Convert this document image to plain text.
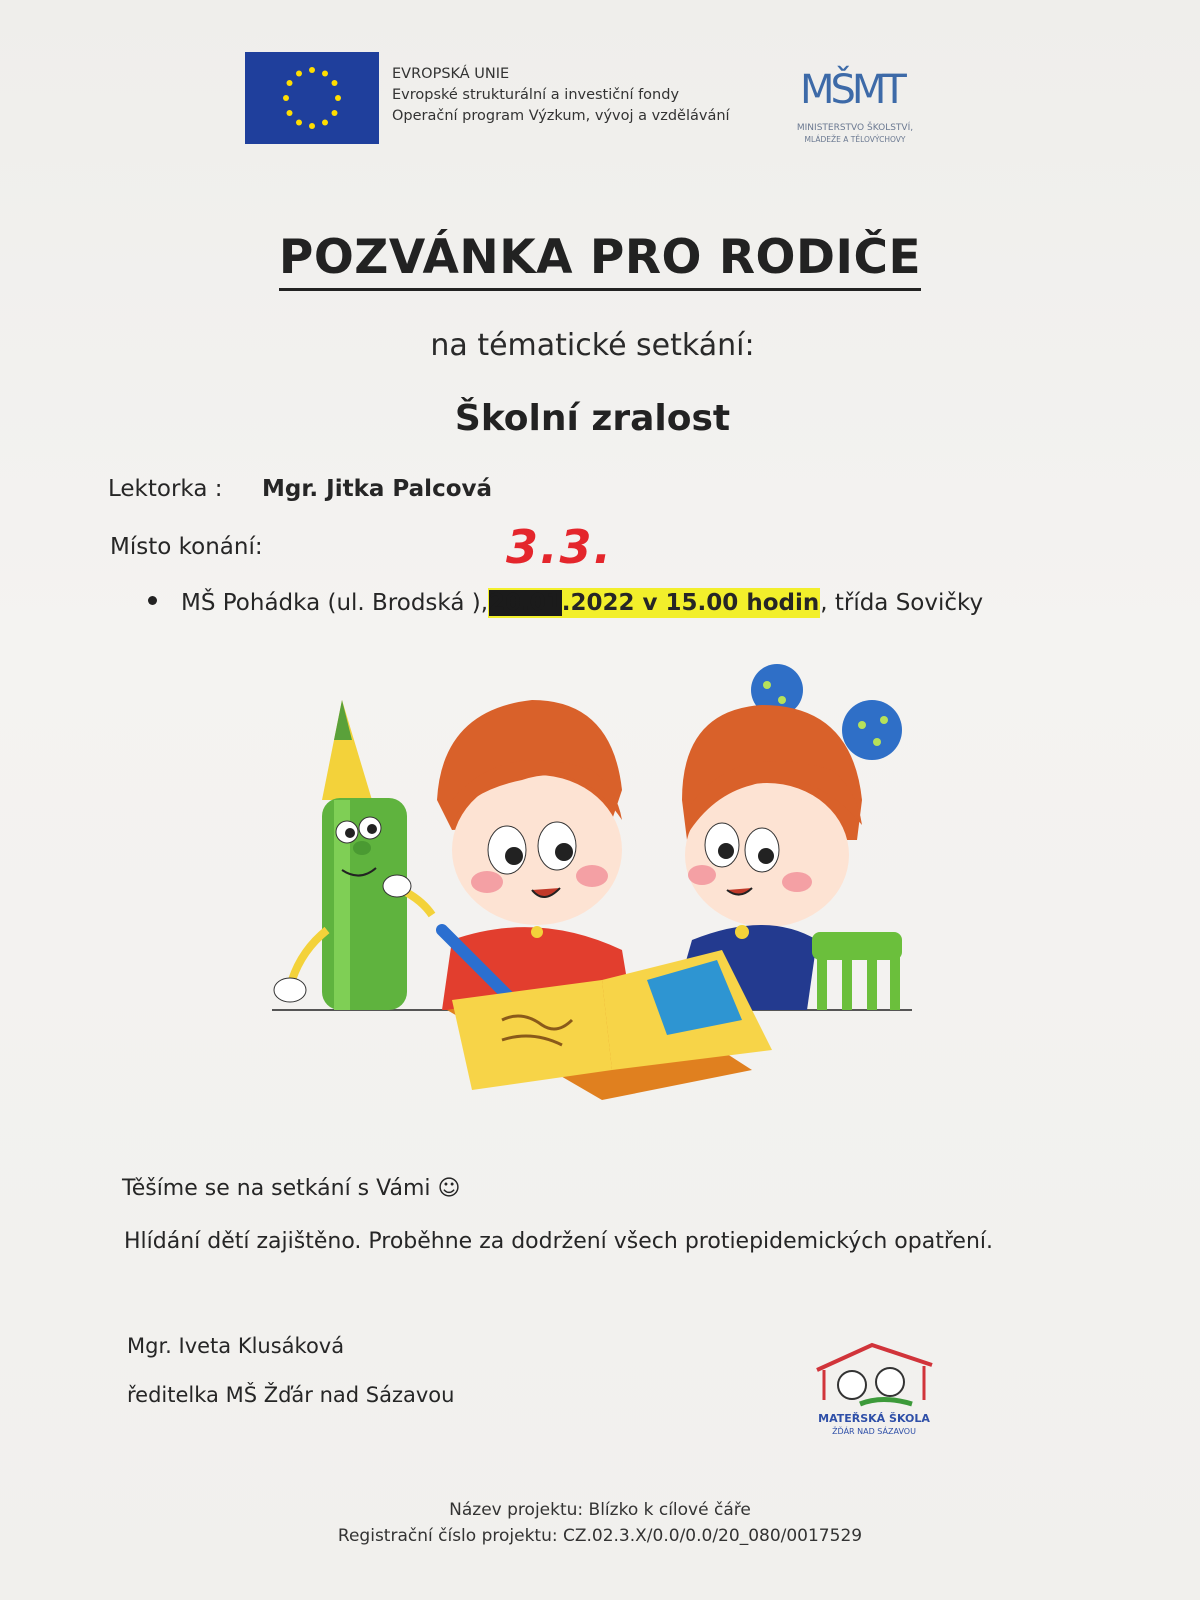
EVROPSKÁ UNIE
Evropské strukturální a investiční fondy
Operační program Výzkum, vývoj a vzdělávání
MŠMT
MINISTERSTVO ŠKOLSTVÍ,
MLÁDEŽE A TĚLOVÝCHOVY
POZVÁNKA PRO RODIČE
na tématické setkání:
Školní zralost
Lektorka : Mgr. Jitka Palcová
Místo konání:	3.3.
MŠ Pohádka (ul. Brodská ),20.01.2022 v 15.00 hodin, třída Sovičky
Těšíme se na setkání s Vámi ☺
Hlídání dětí zajištěno. Proběhne za dodržení všech protiepidemických opatření.
Mgr. Iveta Klusáková
ředitelka MŠ Žďár nad Sázavou
MATEŘSKÁ ŠKOLA
ŽĎÁR NAD SÁZAVOU
Název projektu: Blízko k cílové čáře
Registrační číslo projektu: CZ.02.3.X/0.0/0.0/20_080/0017529
